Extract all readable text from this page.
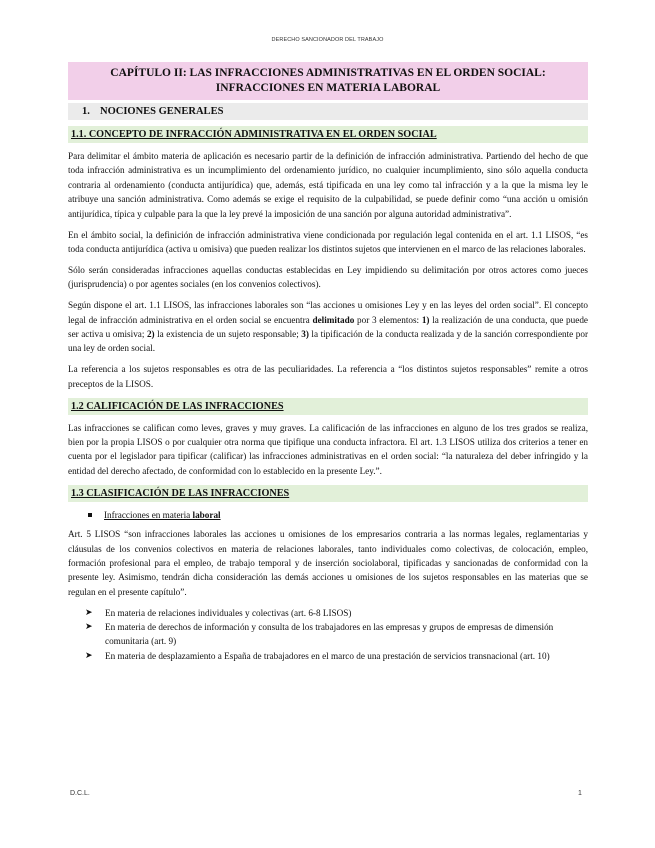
DERECHO SANCIONADOR DEL TRABAJO
CAPÍTULO II: LAS INFRACCIONES ADMINISTRATIVAS EN EL ORDEN SOCIAL: INFRACCIONES EN MATERIA LABORAL
1. NOCIONES GENERALES
1.1. CONCEPTO DE INFRACCIÓN ADMINISTRATIVA EN EL ORDEN SOCIAL

Para delimitar el ámbito materia de aplicación es necesario partir de la definición de infracción administrativa. Partiendo del hecho de que toda infracción administrativa es un incumplimiento del ordenamiento jurídico, no cualquier incumplimiento, sino sólo aquella conducta contraria al ordenamiento (conducta antijurídica) que, además, está tipificada en una ley como tal infracción y a la que la misma ley le atribuye una sanción administrativa. Como además se exige el requisito de la culpabilidad, se puede definir como “una acción u omisión antijurídica, típica y culpable para la que la ley prevé la imposición de una sanción por alguna autoridad administrativa”.

En el ámbito social, la definición de infracción administrativa viene condicionada por regulación legal contenida en el art. 1.1 LISOS, “es toda conducta antijurídica (activa u omisiva) que pueden realizar los distintos sujetos que intervienen en el marco de las relaciones laborales.

Sólo serán consideradas infracciones aquellas conductas establecidas en Ley impidiendo su delimitación por otros actores como jueces (jurisprudencia) o por agentes sociales (en los convenios colectivos).

Según dispone el art. 1.1 LISOS, las infracciones laborales son “las acciones u omisiones Ley y en las leyes del orden social”. El concepto legal de infracción administrativa en el orden social se encuentra delimitado por 3 elementos: 1) la realización de una conducta, que puede ser activa u omisiva; 2) la existencia de un sujeto responsable; 3) la tipificación de la conducta realizada y de la sanción correspondiente por una ley de orden social.

La referencia a los sujetos responsables es otra de las peculiaridades. La referencia a “los distintos sujetos responsables” remite a otros preceptos de la LISOS.

1.2 CALIFICACIÓN DE LAS INFRACCIONES

Las infracciones se califican como leves, graves y muy graves. La calificación de las infracciones en alguno de los tres grados se realiza, bien por la propia LISOS o por cualquier otra norma que tipifique una conducta infractora. El art. 1.3 LISOS utiliza dos criterios a tener en cuenta por el legislador para tipificar (calificar) las infracciones administrativas en el orden social: “la naturaleza del deber infringido y la entidad del derecho afectado, de conformidad con lo establecido en la presente Ley.”.

1.3 CLASIFICACIÓN DE LAS INFRACCIONES
Infracciones en materia laboral

Art. 5 LISOS “son infracciones laborales las acciones u omisiones de los empresarios contraria a las normas legales, reglamentarias y cláusulas de los convenios colectivos en materia de relaciones laborales, tanto individuales como colectivas, de colocación, empleo, formación profesional para el empleo, de trabajo temporal y de inserción sociolaboral, tipificadas y sancionadas de conformidad con la presente ley. Asimismo, tendrán dicha consideración las demás acciones u omisiones de los sujetos responsables en las materias que se regulan en el presente capítulo”.

➤ En materia de relaciones individuales y colectivas (art. 6-8 LISOS)
➤ En materia de derechos de información y consulta de los trabajadores en las empresas y grupos de empresas de dimensión comunitaria (art. 9)
➤ En materia de desplazamiento a España de trabajadores en el marco de una prestación de servicios transnacional (art. 10)
D.C.L.	1
